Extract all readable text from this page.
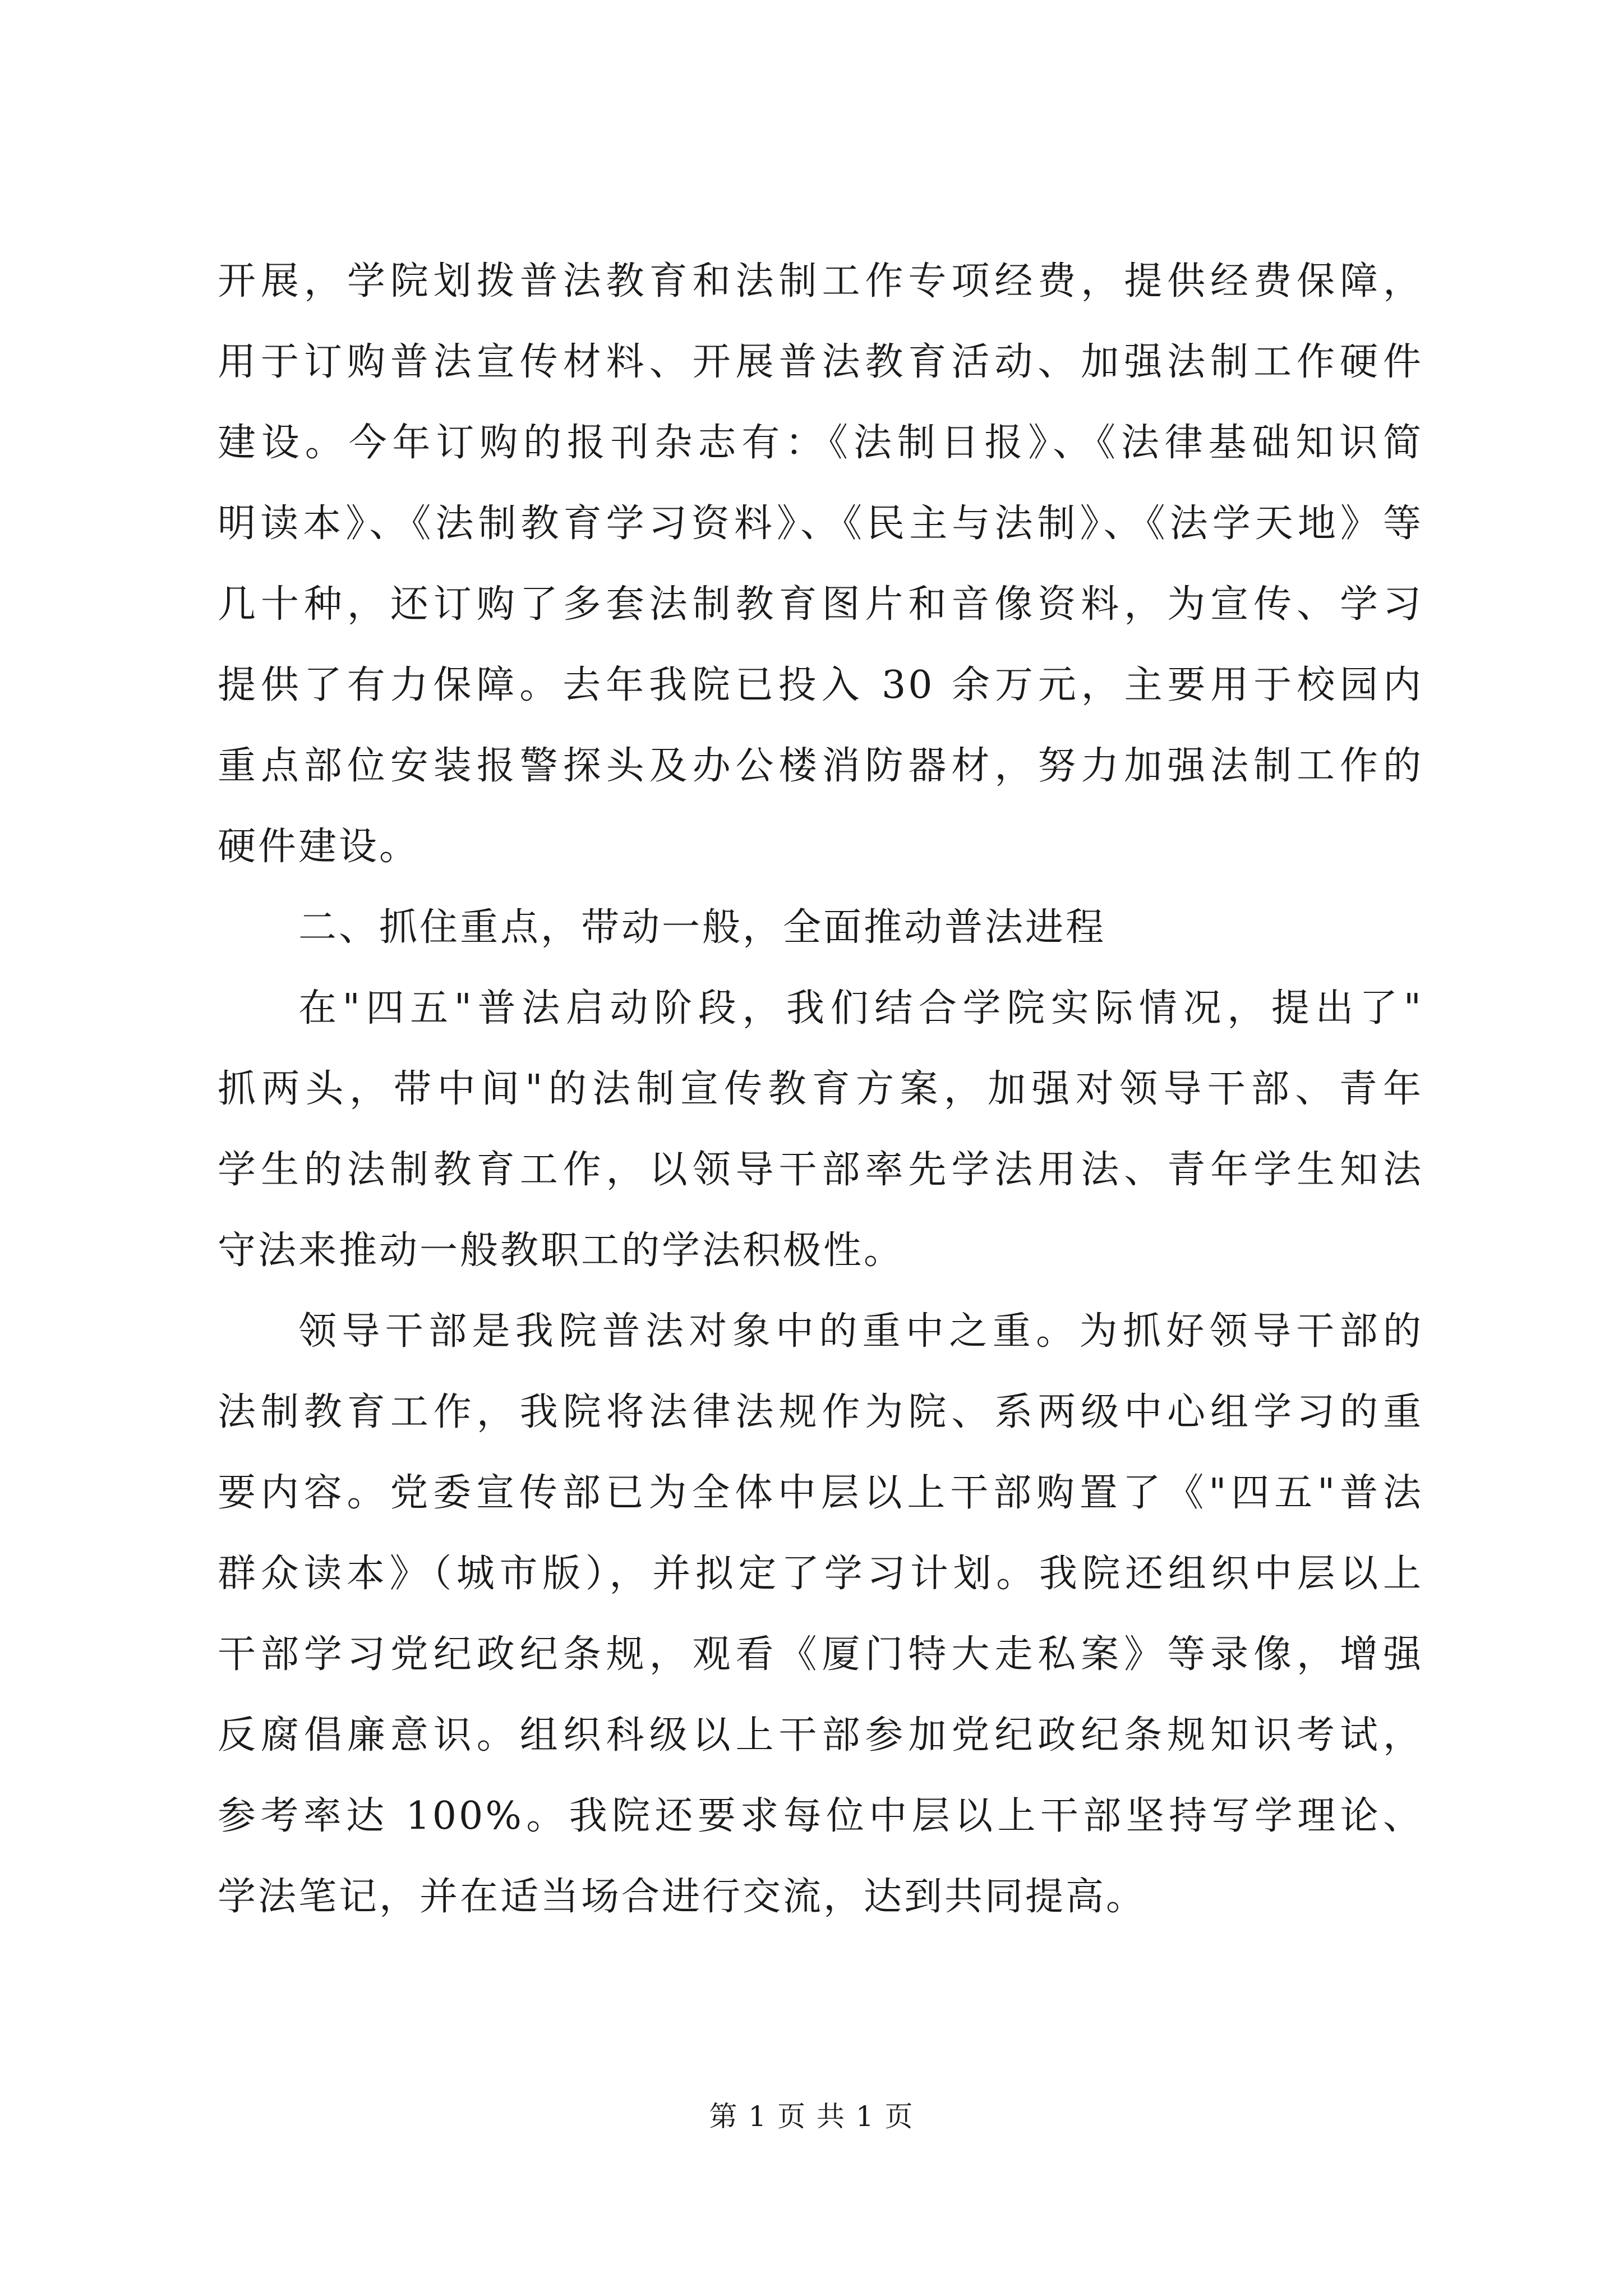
开展，学院划拨普法教育和法制工作专项经费，提供经费保障，
用于订购普法宣传材料、开展普法教育活动、加强法制工作硬件
建设。今年订购的报刊杂志有：《法制日报》、《法律基础知识简
明读本》、《法制教育学习资料》、《民主与法制》、《法学天地》等
几十种，还订购了多套法制教育图片和音像资料，为宣传、学习
提供了有力保障。去年我院已投入 30 余万元，主要用于校园内
重点部位安装报警探头及办公楼消防器材，努力加强法制工作的
硬件建设。
二、抓住重点，带动一般，全面推动普法进程
在"四五"普法启动阶段，我们结合学院实际情况，提出了"
抓两头，带中间"的法制宣传教育方案，加强对领导干部、青年
学生的法制教育工作，以领导干部率先学法用法、青年学生知法
守法来推动一般教职工的学法积极性。
领导干部是我院普法对象中的重中之重。为抓好领导干部的
法制教育工作，我院将法律法规作为院、系两级中心组学习的重
要内容。党委宣传部已为全体中层以上干部购置了《"四五"普法
群众读本》（城市版），并拟定了学习计划。我院还组织中层以上
干部学习党纪政纪条规，观看《厦门特大走私案》等录像，增强
反腐倡廉意识。组织科级以上干部参加党纪政纪条规知识考试，
参考率达 100%。我院还要求每位中层以上干部坚持写学理论、
学法笔记，并在适当场合进行交流，达到共同提高。
第 1 页 共 1 页
